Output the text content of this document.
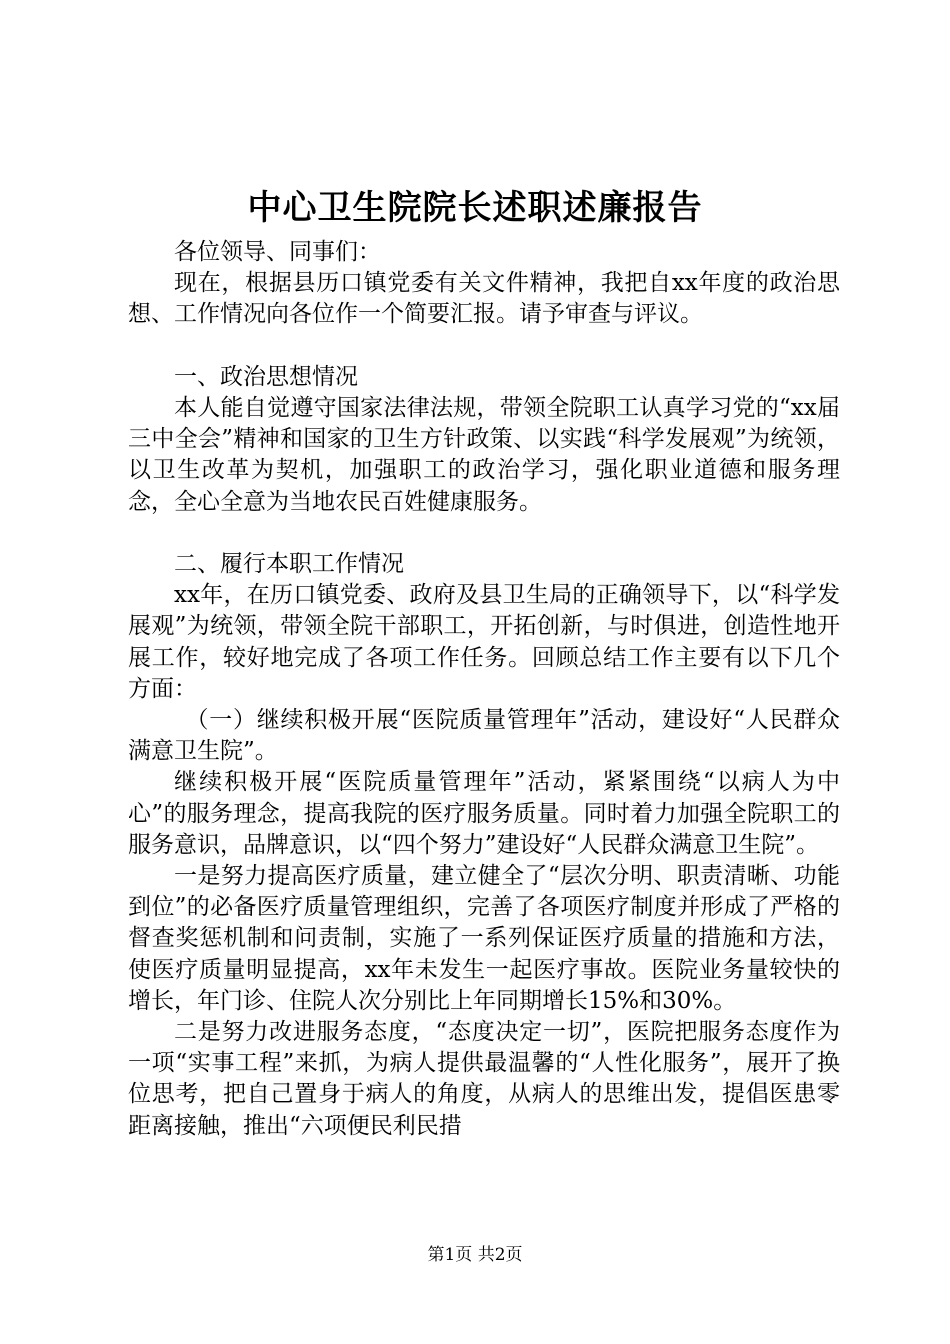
中心卫生院院长述职述廉报告

各位领导、同事们：

现在，根据县历口镇党委有关文件精神，我把自xx年度的政治思想、工作情况向各位作一个简要汇报。请予审查与评议。

一、政治思想情况

本人能自觉遵守国家法律法规，带领全院职工认真学习党的“xx届三中全会”精神和国家的卫生方针政策、以实践“科学发展观”为统领，以卫生改革为契机，加强职工的政治学习，强化职业道德和服务理念，全心全意为当地农民百姓健康服务。

二、履行本职工作情况

xx年，在历口镇党委、政府及县卫生局的正确领导下，以“科学发展观”为统领，带领全院干部职工，开拓创新，与时俱进，创造性地开展工作，较好地完成了各项工作任务。回顾总结工作主要有以下几个方面：

（一）继续积极开展“医院质量管理年”活动，建设好“人民群众满意卫生院”。

继续积极开展“医院质量管理年”活动，紧紧围绕“以病人为中心”的服务理念，提高我院的医疗服务质量。同时着力加强全院职工的服务意识，品牌意识，以“四个努力”建设好“人民群众满意卫生院”。

一是努力提高医疗质量，建立健全了“层次分明、职责清晰、功能到位”的必备医疗质量管理组织，完善了各项医疗制度并形成了严格的督查奖惩机制和问责制，实施了一系列保证医疗质量的措施和方法，使医疗质量明显提高，xx年未发生一起医疗事故。医院业务量较快的增长，年门诊、住院人次分别比上年同期增长15%和30%。

二是努力改进服务态度，“态度决定一切”，医院把服务态度作为一项“实事工程”来抓，为病人提供最温馨的“人性化服务”，展开了换位思考，把自己置身于病人的角度，从病人的思维出发，提倡医患零距离接触，推出“六项便民利民措

第1页 共2页
